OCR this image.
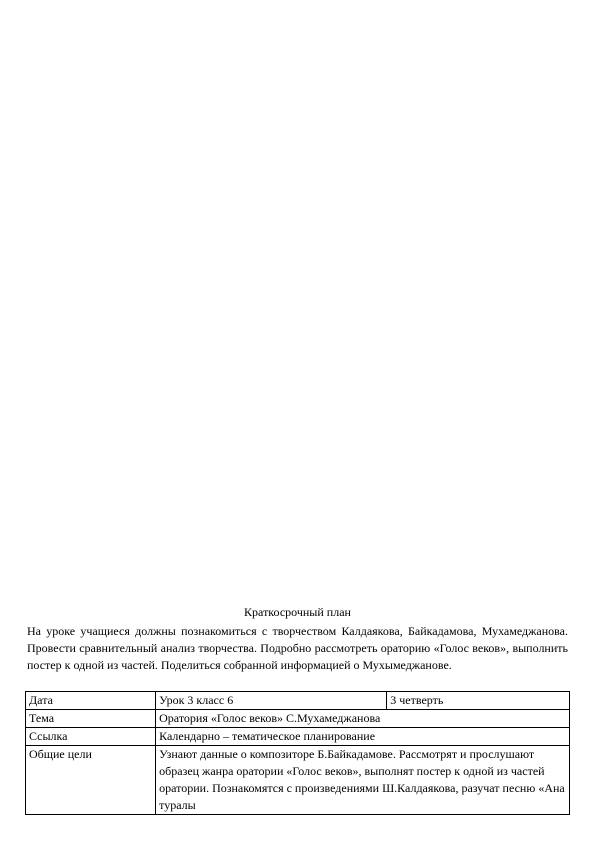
Краткосрочный план

На уроке учащиеся должны познакомиться с творчеством Калдаякова, Байкадамова, Мухамеджанова. Провести сравнительный анализ творчества. Подробно рассмотреть ораторию «Голос веков», выполнить постер к одной из частей. Поделиться собранной информацией о Мухымеджанове.

Дата	Урок 3 класс 6	3 четверть
Тема	Оратория «Голос веков» С.Мухамеджанова	
Ссылка	Календарно – тематическое планирование	
Общие цели	Узнают данные о композиторе Б.Байкадамове. Рассмотрят и прослушают образец жанра оратории «Голос веков», выполнят постер к одной из частей оратории. Познакомятся с произведениями Ш.Калдаякова, разучат песню «Ана туралы	
